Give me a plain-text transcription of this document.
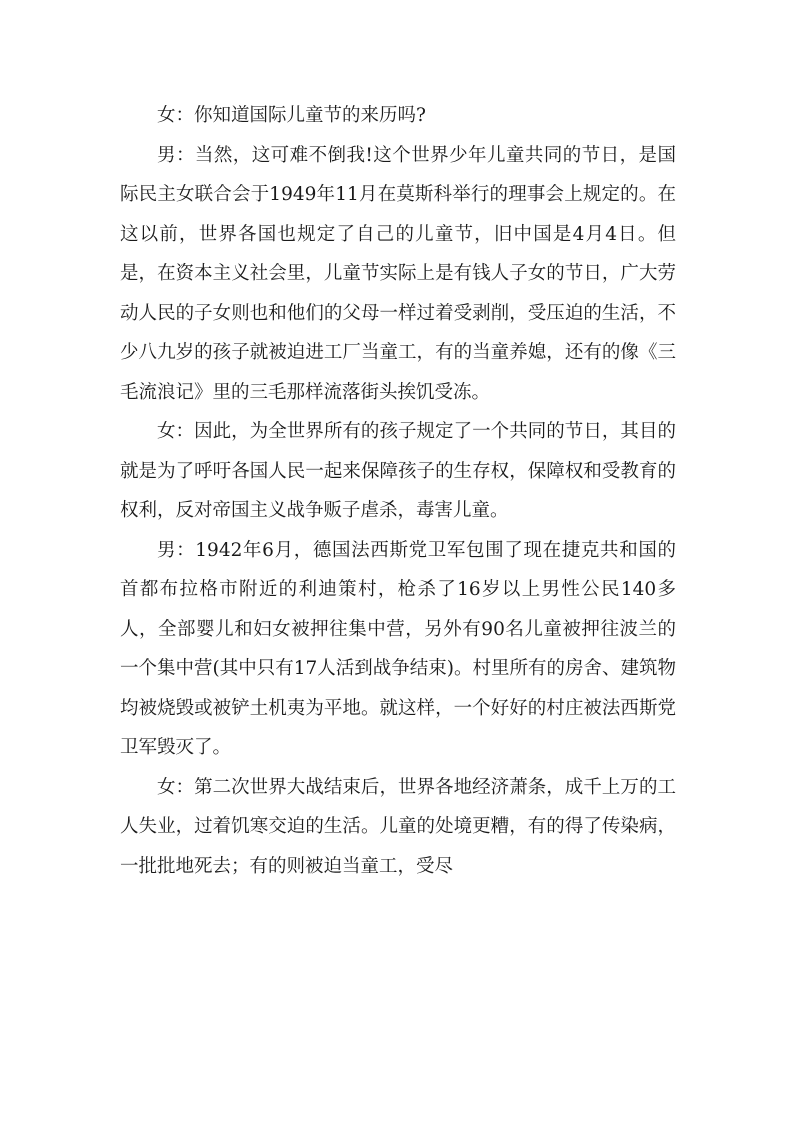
女：你知道国际儿童节的来历吗?

男：当然，这可难不倒我!这个世界少年儿童共同的节日，是国际民主女联合会于1949年11月在莫斯科举行的理事会上规定的。在这以前，世界各国也规定了自己的儿童节，旧中国是4月4日。但是，在资本主义社会里，儿童节实际上是有钱人子女的节日，广大劳动人民的子女则也和他们的父母一样过着受剥削，受压迫的生活，不少八九岁的孩子就被迫进工厂当童工，有的当童养媳，还有的像《三毛流浪记》里的三毛那样流落街头挨饥受冻。

女：因此，为全世界所有的孩子规定了一个共同的节日，其目的就是为了呼吁各国人民一起来保障孩子的生存权，保障权和受教育的权利，反对帝国主义战争贩子虐杀，毒害儿童。

男：1942年6月，德国法西斯党卫军包围了现在捷克共和国的首都布拉格市附近的利迪策村，枪杀了16岁以上男性公民140多人，全部婴儿和妇女被押往集中营，另外有90名儿童被押往波兰的一个集中营(其中只有17人活到战争结束)。村里所有的房舍、建筑物均被烧毁或被铲土机夷为平地。就这样，一个好好的村庄被法西斯党卫军毁灭了。

女：第二次世界大战结束后，世界各地经济萧条，成千上万的工人失业，过着饥寒交迫的生活。儿童的处境更糟，有的得了传染病，一批批地死去；有的则被迫当童工，受尽
